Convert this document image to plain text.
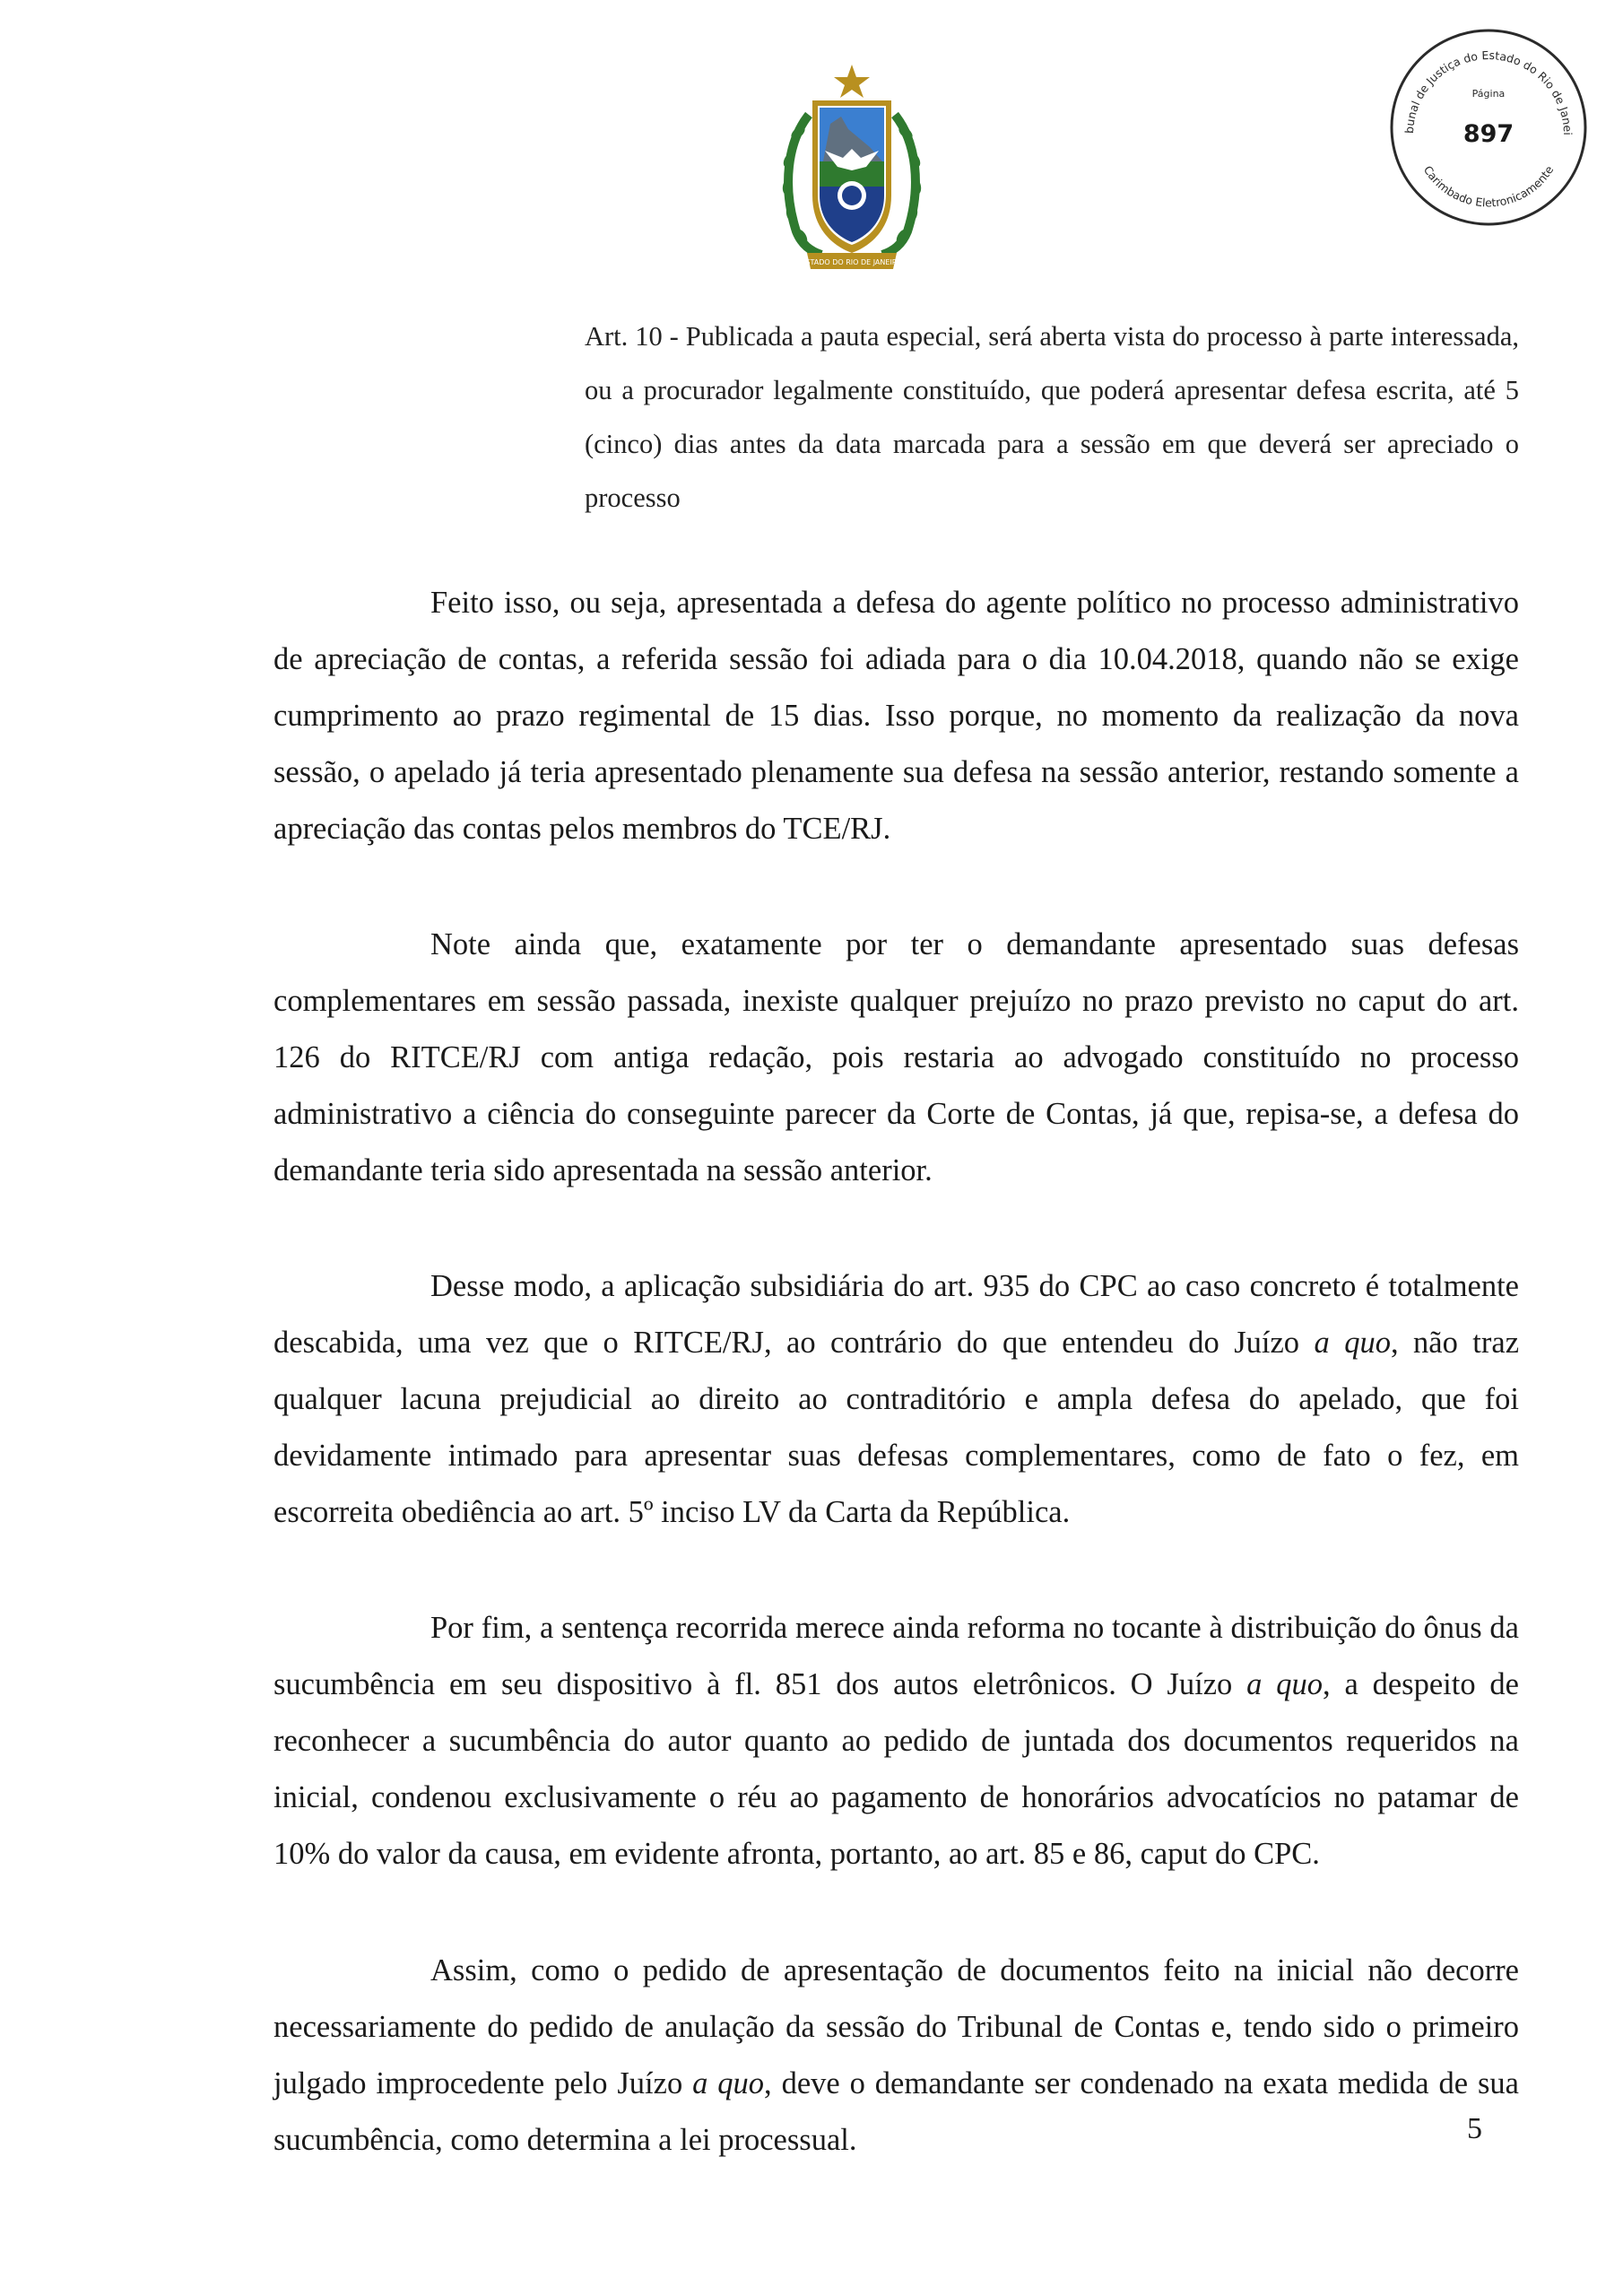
ESTADO DO RIO DE JANEIRO
bunal de Justiça do Estado do Rio de Janei
Carimbado Eletronicamente
Página
897

Art. 10 - Publicada a pauta especial, será aberta vista do processo à parte interessada, ou a procurador legalmente constituído, que poderá apresentar defesa escrita, até 5 (cinco) dias antes da data marcada para a sessão em que deverá ser apreciado o processo

Feito isso, ou seja, apresentada a defesa do agente político no processo administrativo de apreciação de contas, a referida sessão foi adiada para o dia 10.04.2018, quando não se exige cumprimento ao prazo regimental de 15 dias. Isso porque, no momento da realização da nova sessão, o apelado já teria apresentado plenamente sua defesa na sessão anterior, restando somente a apreciação das contas pelos membros do TCE/RJ.

Note ainda que, exatamente por ter o demandante apresentado suas defesas complementares em sessão passada, inexiste qualquer prejuízo no prazo previsto no caput do art. 126 do RITCE/RJ com antiga redação, pois restaria ao advogado constituído no processo administrativo a ciência do conseguinte parecer da Corte de Contas, já que, repisa-se, a defesa do demandante teria sido apresentada na sessão anterior.

Desse modo, a aplicação subsidiária do art. 935 do CPC ao caso concreto é totalmente descabida, uma vez que o RITCE/RJ, ao contrário do que entendeu do Juízo a quo, não traz qualquer lacuna prejudicial ao direito ao contraditório e ampla defesa do apelado, que foi devidamente intimado para apresentar suas defesas complementares, como de fato o fez, em escorreita obediência ao art. 5º inciso LV da Carta da República.

Por fim, a sentença recorrida merece ainda reforma no tocante à distribuição do ônus da sucumbência em seu dispositivo à fl. 851 dos autos eletrônicos. O Juízo a quo, a despeito de reconhecer a sucumbência do autor quanto ao pedido de juntada dos documentos requeridos na inicial, condenou exclusivamente o réu ao pagamento de honorários advocatícios no patamar de 10% do valor da causa, em evidente afronta, portanto, ao art. 85 e 86, caput do CPC.

Assim, como o pedido de apresentação de documentos feito na inicial não decorre necessariamente do pedido de anulação da sessão do Tribunal de Contas e, tendo sido o primeiro julgado improcedente pelo Juízo a quo, deve o demandante ser condenado na exata medida de sua sucumbência, como determina a lei processual.	5
